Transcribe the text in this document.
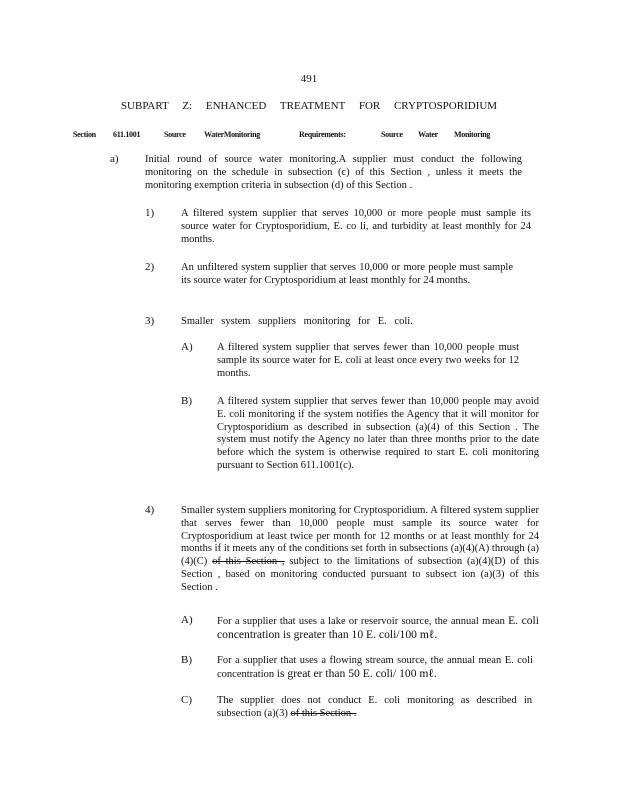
491
SUBPART Z: ENHANCED TREATMENT FOR CRYPTOSPORIDIUM
Section 611.1001	Source WaterMonitoring	Requirements:	Source Water Monitoring
a)	Initial round of source water monitoring.A supplier must conduct the following monitoring on the schedule in subsection (c) of this Section , unless it meets the monitoring exemption criteria in subsection (d) of this Section .
1)	A filtered system supplier that serves 10,000 or more people must sample its source water for Cryptosporidium, E. co li, and turbidity at least monthly for 24 months.
2)	An unfiltered system supplier that serves 10,000 or more people must sample its source water for Cryptosporidium at least monthly for 24 months.
3)	Smaller system suppliers monitoring for E. coli.
A) A filtered system supplier that serves fewer than 10,000 people must sample its source water for E. coli at least once every two weeks for 12 months.
B) A filtered system supplier that serves fewer than 10,000 people may avoid E. coli monitoring if the system notifies the Agency that it will monitor for Cryptosporidium as described in subsection (a)(4) of this Section . The system must notify the Agency no later than three months prior to the date before which the system is otherwise required to start E. coli monitoring pursuant to Section 611.1001(c).
4)	Smaller system suppliers monitoring for Cryptosporidium. A filtered system supplier that serves fewer than 10,000 people must sample its source water for Cryptosporidium at least twice per month for 12 months or at least monthly for 24 months if it meets any of the conditions set forth in subsections (a)(4)(A) through (a)(4)(C) of this Section , subject to the limitations of subsection (a)(4)(D) of this Section , based on monitoring conducted pursuant to subsect ion (a)(3) of this Section .
A) For a supplier that uses a lake or reservoir source, the annual mean E. coli concentration is greater than 10 E. coli/100 mℓ.
B) For a supplier that uses a flowing stream source, the annual mean E. coli concentration is great er than 50 E. coli/ 100 mℓ.
C) The supplier does not conduct E. coli monitoring as described in subsection (a)(3) of this Section .
